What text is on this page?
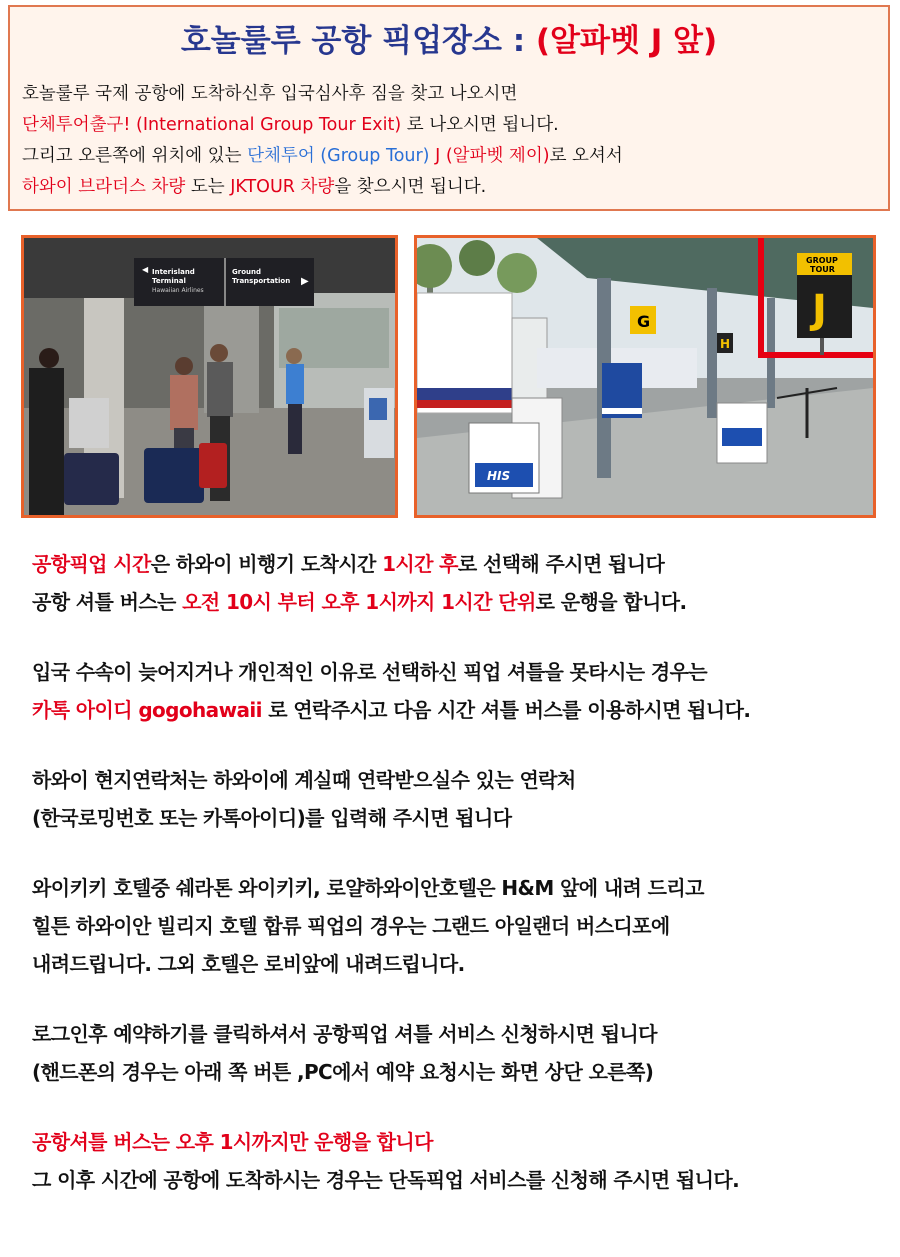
호놀룰루 공항 픽업장소 : (알파벳 J 앞)
호놀룰루 국제 공항에 도착하신후 입국심사후 짐을 찾고 나오시면
단체투어출구! (International Group Tour Exit) 로 나오시면 됩니다.
그리고 오른쪽에 위치에 있는 단체투어 (Group Tour) J (알파벳 제이)로 오셔서
하와이 브라더스 차량 도는 JKTOUR 차량을 찾으시면 됩니다.
◀ Interisland
Terminal
Hawaiian Airlines
Ground
Transportation ▶
G
H
HIS
GROUP
TOUR
J
공항픽업 시간은 하와이 비행기 도착시간 1시간 후로 선택해 주시면 됩니다
공항 셔틀 버스는 오전 10시 부터 오후 1시까지 1시간 단위로 운행을 합니다.
입국 수속이 늦어지거나 개인적인 이유로 선택하신 픽업 셔틀을 못타시는 경우는
카톡 아이디 gogohawaii 로 연락주시고 다음 시간 셔틀 버스를 이용하시면 됩니다.
하와이 현지연락처는 하와이에 계실때 연락받으실수 있는 연락처
(한국로밍번호 또는 카톡아이디)를 입력해 주시면 됩니다
와이키키 호텔중 쉐라톤 와이키키, 로얄하와이안호텔은 H&M 앞에 내려 드리고
힐튼 하와이안 빌리지 호텔 합류 픽업의 경우는 그랜드 아일랜더 버스디포에
내려드립니다. 그외 호텔은 로비앞에 내려드립니다.
로그인후 예약하기를 클릭하셔서 공항픽업 셔틀 서비스 신청하시면 됩니다
(핸드폰의 경우는 아래 쪽 버튼 ,PC에서 예약 요청시는 화면 상단 오른쪽)
공항셔틀 버스는 오후 1시까지만 운행을 합니다
그 이후 시간에 공항에 도착하시는 경우는 단독픽업 서비스를 신청해 주시면 됩니다.
